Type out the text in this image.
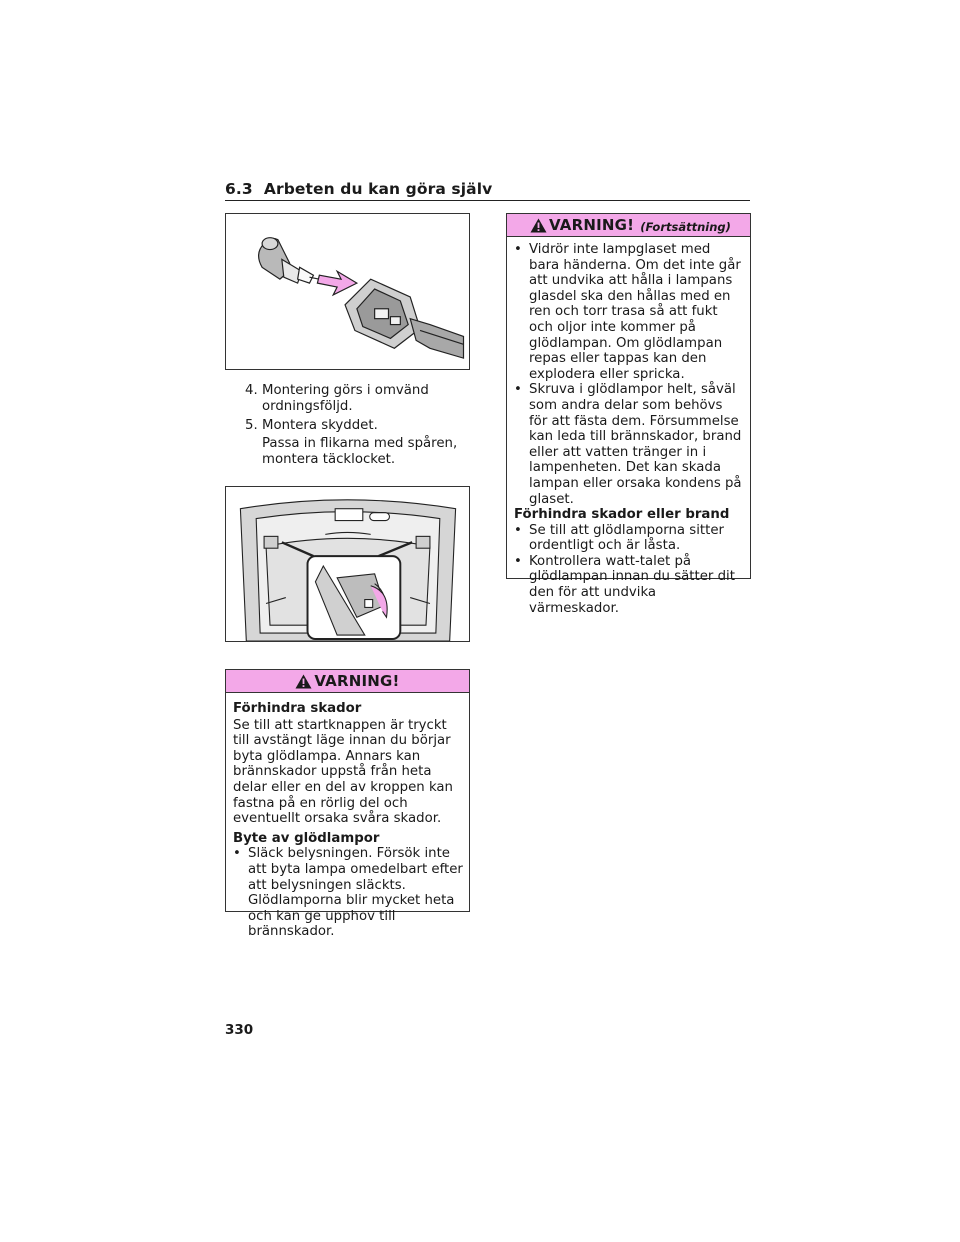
6.3 Arbeten du kan göra själv
4. Montering görs i omvänd ordningsföljd.
5. Montera skyddet.
Passa in flikarna med spåren, montera täcklocket.
VARNING!

Förhindra skador

Se till att startknappen är tryckt till avstängt läge innan du börjar byta glödlampa. Annars kan brännskador uppstå från heta delar eller en del av kroppen kan fastna på en rörlig del och eventuellt orsaka svåra skador.

Byte av glödlampor

• Släck belysningen. Försök inte att byta lampa omedelbart efter att belysningen släckts. Glödlamporna blir mycket heta och kan ge upphov till brännskador.

VARNING! (Fortsättning)

• Vidrör inte lampglaset med bara händerna. Om det inte går att undvika att hålla i lampans glasdel ska den hållas med en ren och torr trasa så att fukt och oljor inte kommer på glödlampan. Om glödlampan repas eller tappas kan den explodera eller spricka.

• Skruva i glödlampor helt, såväl som andra delar som behövs för att fästa dem. Försummelse kan leda till brännskador, brand eller att vatten tränger in i lampenheten. Det kan skada lampan eller orsaka kondens på glaset.

Förhindra skador eller brand

• Se till att glödlamporna sitter ordentligt och är låsta.

• Kontrollera watt-talet på glödlampan innan du sätter dit den för att undvika värmeskador.

330
